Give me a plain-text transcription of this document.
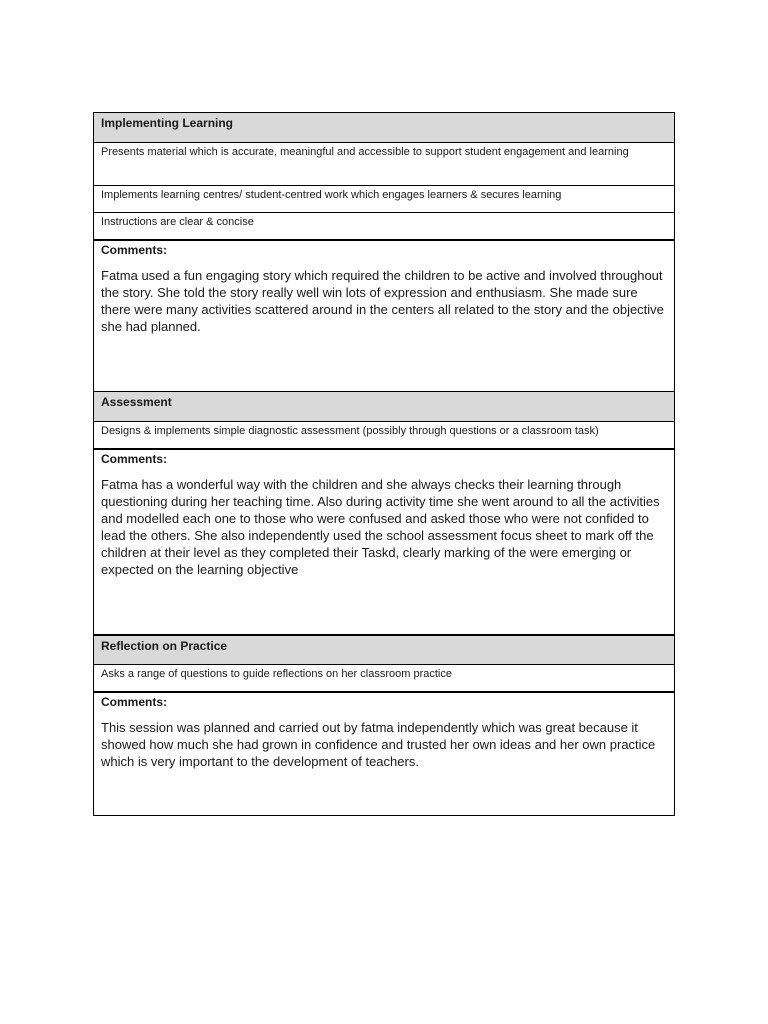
Implementing Learning
Presents material which is accurate, meaningful and accessible to support student engagement and learning
Implements learning centres/ student-centred work which engages learners & secures learning
Instructions are clear & concise
Comments:
Fatma used a fun engaging story which required the children to be active and involved throughout the story. She told the story really well win lots of expression and enthusiasm. She made sure there were many activities scattered around in the centers all related to the story and the objective she had planned.
Assessment
Designs & implements simple diagnostic assessment (possibly through questions or a classroom task)
Comments:
Fatma has a wonderful way with the children and she always checks their learning through questioning during her teaching time. Also during activity time she went around to all the activities and modelled each one to those who were confused and asked those who were not confided to lead the others. She also independently used the school assessment focus sheet to mark off the children at their level as they completed their Taskd, clearly marking of the were emerging or expected on the learning objective
Reflection on Practice
Asks a range of questions to guide reflections on her classroom practice
Comments:
This session was planned and carried out by fatma independently which was great because it showed how much she had grown in confidence and trusted her own ideas and her own practice which is very important to the development of teachers.
